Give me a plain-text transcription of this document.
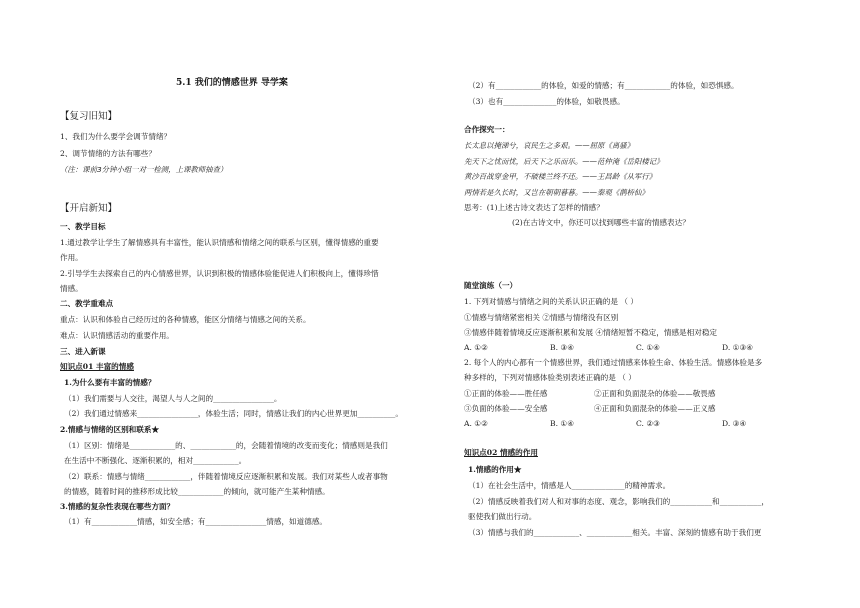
5.1 我们的情感世界 导学案
【复习旧知】
1、我们为什么要学会调节情绪？
2、调节情绪的方法有哪些？
（注：课前3分钟小组一对一检测，上课教师抽查）
【开启新知】
一、教学目标
1.通过教学让学生了解情感具有丰富性，能认识情感和情绪之间的联系与区别，懂得情感的重要
作用。
2.引导学生去探索自己的内心情感世界，认识到积极的情感体验能促进人们积极向上，懂得珍惜
情感。
二、教学重难点
重点：认识和体验自己经历过的各种情感，能区分情绪与情感之间的关系。
难点：认识情感活动的重要作用。
三、进入新课
知识点01 丰富的情感
1.为什么要有丰富的情感？
（1）我们需要与人交往，渴望人与人之间的________________。
（2）我们通过情感来________________，体验生活；同时，情感让我们的内心世界更加__________。
2.情感与情绪的区别和联系★
（1）区别：情绪是____________的、____________的，会随着情境的改变而变化；情感则是我们
在生活中不断强化、逐渐积累的，相对____________。
（2）联系：情感与情绪____________，伴随着情境反应逐渐积累和发展。我们对某些人或者事物
的情感，随着时间的推移形成比较____________的倾向，就可能产生某种情感。
3.情感的复杂性表现在哪些方面？
（1）有____________情感，如安全感；有________________情感，如道德感。
（2）有____________的体验，如爱的情感；有____________的体验，如恐惧感。
（3）也有______________的体验，如敬畏感。
合作探究一：
长太息以掩涕兮，哀民生之多艰。——屈原《离骚》
先天下之忧而忧，后天下之乐而乐。——范仲淹《岳阳楼记》
黄沙百战穿金甲，不破楼兰终不还。——王昌龄《从军行》
两情若是久长时，又岂在朝朝暮暮。——秦观《鹊桥仙》
思考：(1)上述古诗文表达了怎样的情感？
(2)在古诗文中，你还可以找到哪些丰富的情感表达？
随堂演练（一）
1. 下列对情感与情绪之间的关系认识正确的是 （ ）
①情感与情绪紧密相关 ②情感与情绪没有区别
③情感伴随着情境反应逐渐积累和发展 ④情绪短暂不稳定，情感是相对稳定
A. ①②	B. ③④	C. ①④	D. ①③④
2. 每个人的内心都有一个情感世界，我们通过情感来体验生命、体验生活。情感体验是多
种多样的，下列对情感体验类别表述正确的是 （ ）
①正面的体验——胜任感	②正面和负面混杂的体验——敬畏感
③负面的体验——安全感	④正面和负面混杂的体验——正义感
A. ①②	B. ①④	C. ②③	D. ③④
知识点02 情感的作用
1.情感的作用★
（1）在社会生活中，情感是人______________的精神需求。
（2）情感反映着我们对人和对事的态度、观念，影响我们的___________和___________，
驱使我们做出行动。
（3）情感与我们的____________、____________相关。丰富、深刻的情感有助于我们更
